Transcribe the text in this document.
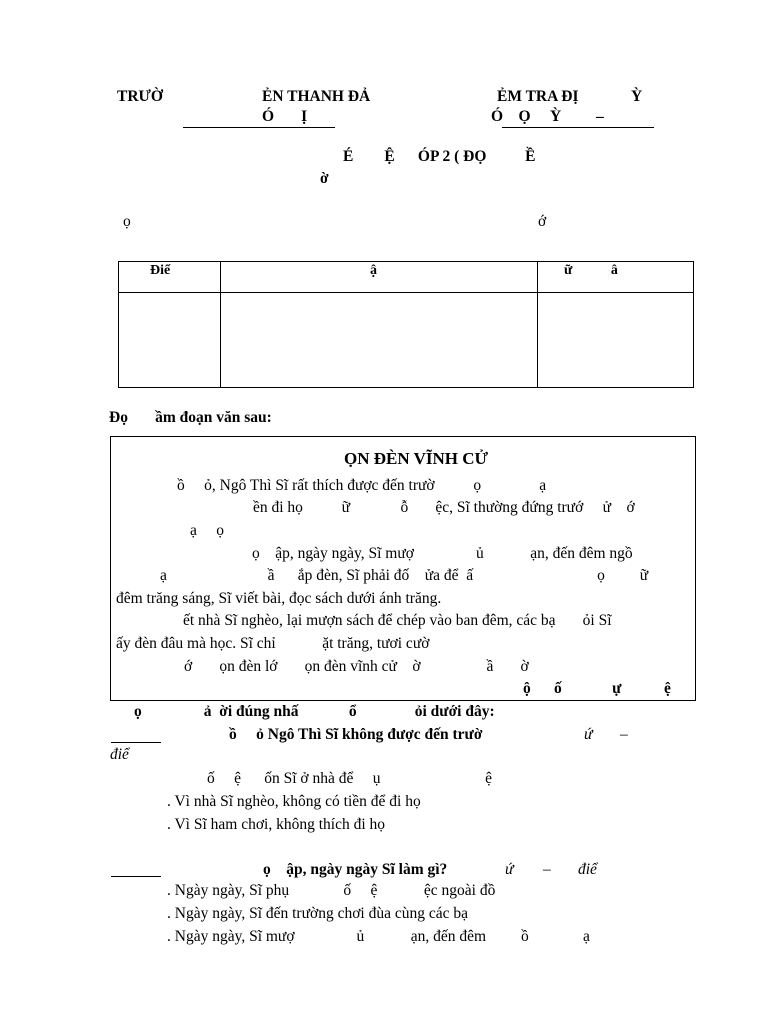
TRƯỜ	ẺN THANH ĐẢ
Ó       Ị
ẺM TRA ĐỊ	Ỳ
Ó    Ọ     Ỳ         –
É        Ệ      ÓP 2 ( ĐỌ          Ề
ờ
ọ	ớ
Điể	ậ	ữ           â
Đọ       ầm đoạn văn sau:
ỌN ĐÈN VĨNH CỬ
ồ     ỏ, Ngô Thì Sĩ rất thích được đến trườ          ọ               ạ
ền đi họ          ữ             ỗ       ệc, Sĩ thường đứng trướ     ử    ớ
ạ     ọ
ọ    ập, ngày ngày, Sĩ mượ                ủ            ạn, đến đêm ngồ
ạ                          ầ      ắp đèn, Sĩ phải đố    ửa để  ấ                                ọ         ữ
đêm trăng sáng, Sĩ viết bài, đọc sách dưới ánh trăng.
ết nhà Sĩ nghèo, lại mượn sách để chép vào ban đêm, các bạ       ỏi Sĩ
ấy đèn đâu mà học. Sĩ chỉ            ặt trăng, tươi cườ
ớ       ọn đèn lớ       ọn đèn vĩnh cử    ờ                 ầ       ờ
ộ      ố             ự           ệ
ọ                ả  ời đúng nhấ             ổ               ỏi dưới đây:
ồ     ỏ Ngô Thì Sĩ không được đến trườ	ứ –
điể
ố     ệ      ốn Sĩ ở nhà để     ụ                           ệ
. Vì nhà Sĩ nghèo, không có tiền để đi họ
. Vì Sĩ ham chơi, không thích đi họ
ọ    ập, ngày ngày Sĩ làm gì?	ứ – điể
. Ngày ngày, Sĩ phụ              ố     ệ            ệc ngoài đồ
. Ngày ngày, Sĩ đến trường chơi đùa cùng các bạ
. Ngày ngày, Sĩ mượ                ủ            ạn, đến đêm         ồ              ạ
